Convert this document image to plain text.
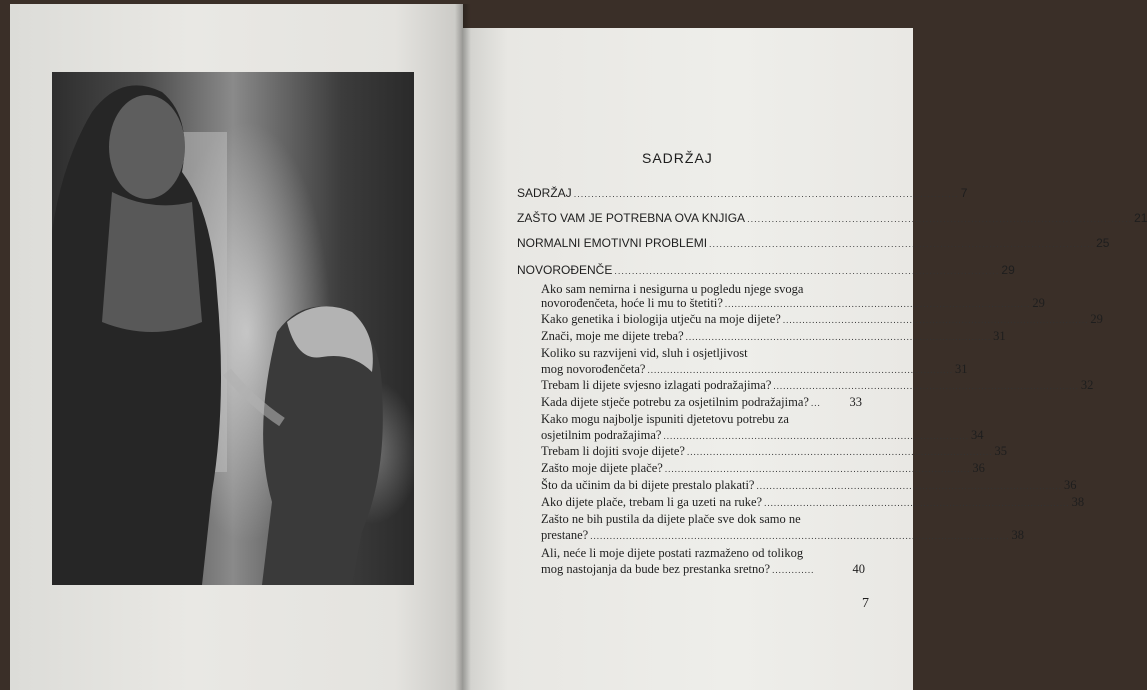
SADRŽAJ
SADRŽAJ .............................................................................................................. 7
ZAŠTO VAM JE POTREBNA OVA KNJIGA .............................................................................................................. 21
NORMALNI EMOTIVNI PROBLEMI .............................................................................................................. 25
NOVOROĐENČE .............................................................................................................. 29
Ako sam nemirna i nesigurna u pogledu njege svoga
novorođenčeta, hoće li mu to štetiti? .............................................................................................. 29
Kako genetika i biologija utječu na moje dijete? .............................................................................................. 29
Znači, moje me dijete treba? .............................................................................................. 31
Koliko su razvijeni vid, sluh i osjetljivost
mog novorođenčeta? .............................................................................................. 31
Trebam li dijete svjesno izlagati podražajima? .............................................................................................. 32
Kada dijete stječe potrebu za osjetilnim podražajima? ...	33
Kako mogu najbolje ispuniti djetetovu potrebu za
osjetilnim podražajima? .............................................................................................. 34
Trebam li dojiti svoje dijete? .............................................................................................. 35
Zašto moje dijete plače? .............................................................................................. 36
Što da učinim da bi dijete prestalo plakati? .............................................................................................. 36
Ako dijete plače, trebam li ga uzeti na ruke? .............................................................................................. 38
Zašto ne bih pustila da dijete plače sve dok samo ne
prestane? ................................................................................................................................. 38
Ali, neće li moje dijete postati razmaženo od tolikog
mog nastojanja da bude bez prestanka sretno? .............	40
7
